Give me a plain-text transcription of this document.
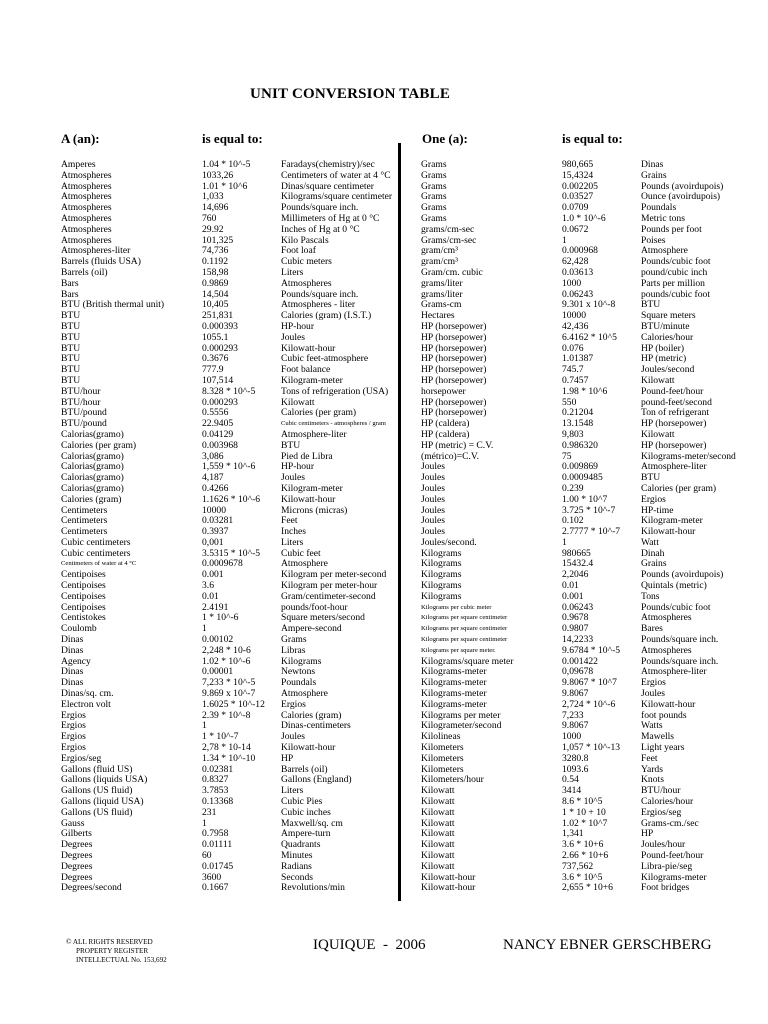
UNIT CONVERSION TABLE
A (an):	is equal to:	One (a):	is equal to:
Amperes	1.04 * 10^-5	Faradays(chemistry)/sec
Atmospheres	1033,26	Centimeters of water at 4 °C
Atmospheres	1.01 * 10^6	Dinas/square centimeter
Atmospheres	1,033	Kilograms/square centimeter
Atmospheres	14,696	Pounds/square inch.
Atmospheres	760	Millimeters of Hg at 0 °C
Atmospheres	29.92	Inches of Hg at 0 °C
Atmospheres	101,325	Kilo Pascals
Atmospheres-liter	74,736	Foot loaf
Barrels (fluids USA)	0.1192	Cubic meters
Barrels (oil)	158,98	Liters
Bars	0.9869	Atmospheres
Bars	14,504	Pounds/square inch.
BTU (British thermal unit)	10,405	Atmospheres - liter
BTU	251,831	Calories (gram) (I.S.T.)
BTU	0.000393	HP-hour
BTU	1055.1	Joules
BTU	0.000293	Kilowatt-hour
BTU	0.3676	Cubic feet-atmosphere
BTU	777.9	Foot balance
BTU	107,514	Kilogram-meter
BTU/hour	8.328 * 10^-5	Tons of refrigeration (USA)
BTU/hour	0.000293	Kilowatt
BTU/pound	0.5556	Calories (per gram)
BTU/pound	22.9405	Cubic centimeters - atmospheres / gram
Calorias(gramo)	0.04129	Atmosphere-liter
Calories (per gram)	0.003968	BTU
Calorias(gramo)	3,086	Pied de Libra
Calorias(gramo)	1,559 * 10^-6	HP-hour
Calorias(gramo)	4,187	Joules
Calorias(gramo)	0.4266	Kilogram-meter
Calories (gram)	1.1626 * 10^-6 Kilowatt-hour
Centimeters	10000	Microns (micras)
Centimeters	0.03281	Feet
Centimeters	0.3937	Inches
Cubic centimeters	0,001	Liters
Cubic centimeters	3.5315 * 10^-5 Cubic feet
Centimeters of water at 4 °C	0.0009678	Atmosphere
Centipoises	0.001	Kilogram per meter-second
Centipoises	3.6	Kilogram per meter-hour
Centipoises	0.01	Gram/centimeter-second
Centipoises	2.4191	pounds/foot-hour
Centistokes	1 * 10^-6	Square meters/second
Coulomb	1	Ampere-second
Dinas	0.00102	Grams
Dinas	2,248 * 10-6	Libras
Agency	1.02 * 10^-6	Kilograms
Dinas	0.00001	Newtons
Dinas	7,233 * 10^-5	Poundals
Dinas/sq. cm.	9.869 x 10^-7	Atmosphere
Electron volt	1.6025 * 10^-12 Ergios
Ergios	2.39 * 10^-8	Calories (gram)
Ergios	1	Dinas-centimeters
Ergios	1 * 10^-7	Joules
Ergios	2,78 * 10-14	Kilowatt-hour
Ergios/seg	1.34 * 10^-10	HP
Gallons (fluid US)	0.02381	Barrels (oil)
Gallons (liquids USA)	0.8327	Gallons (England)
Gallons (US fluid)	3.7853	Liters
Gallons (liquid USA)	0.13368	Cubic Pies
Gallons (US fluid)	231	Cubic inches
Gauss	1	Maxwell/sq. cm
Gilberts	0.7958	Ampere-turn
Degrees	0.01111	Quadrants
Degrees	60	Minutes
Degrees	0.01745	Radians
Degrees	3600	Seconds
Degrees/second	0.1667	Revolutions/min
Grams	980,665	Dinas
Grams	15,4324	Grains
Grams	0.002205	Pounds (avoirdupois)
Grams	0.03527	Ounce (avoirdupois)
Grams	0.0709	Poundals
Grams	1.0 * 10^-6	Metric tons
grams/cm-sec	0.0672	Pounds per foot
Grams/cm-sec	1	Poises
gram/cm³	0.000968	Atmosphere
gram/cm³	62,428	Pounds/cubic foot
Gram/cm. cubic	0.03613	pound/cubic inch
grams/liter	1000	Parts per million
grams/liter	0.06243	pounds/cubic foot
Grams-cm	9.301 x 10^-8	BTU
Hectares	10000	Square meters
HP (horsepower)	42,436	BTU/minute
HP (horsepower)	6.4162 * 10^5	Calories/hour
HP (horsepower)	0.076	HP (boiler)
HP (horsepower)	1.01387	HP (metric)
HP (horsepower)	745.7	Joules/second
HP (horsepower)	0.7457	Kilowatt
horsepower	1.98 * 10^6	Pound-feet/hour
HP (horsepower)	550	pound-feet/second
HP (horsepower)	0.21204	Ton of refrigerant
HP (caldera)	13.1548	HP (horsepower)
HP (caldera)	9,803	Kilowatt
HP (metric) = C.V.	0.986320	HP (horsepower)
(métrico)=C.V.	75	Kilograms-meter/second
Joules	0.009869	Atmosphere-liter
Joules	0.0009485	BTU
Joules	0.239	Calories (per gram)
Joules	1.00 * 10^7	Ergios
Joules	3.725 * 10^-7	HP-time
Joules	0.102	Kilogram-meter
Joules	2.7777 * 10^-7 Kilowatt-hour
Joules/second.	1	Watt
Kilograms	980665	Dinah
Kilograms	15432.4	Grains
Kilograms	2,2046	Pounds (avoirdupois)
Kilograms	0.01	Quintals (metric)
Kilograms	0.001	Tons
Kilograms per cubic meter	0.06243	Pounds/cubic foot
Kilograms per square centimeter	0.9678	Atmospheres
Kilograms per square centimeter	0.9807	Bares
Kilograms per square centimeter	14,2233	Pounds/square inch.
Kilograms per square meter.	9.6784 * 10^-5 Atmospheres
Kilograms/square meter	0.001422	Pounds/square inch.
Kilograms-meter	0,09678	Atmosphere-liter
Kilograms-meter	9.8067 * 10^7	Ergios
Kilograms-meter	9.8067	Joules
Kilograms-meter	2,724 * 10^-6	Kilowatt-hour
Kilograms per meter	7,233	foot pounds
Kilogrameter/second	9.8067	Watts
Kilolineas	1000	Mawells
Kilometers	1,057 * 10^-13 Light years
Kilometers	3280.8	Feet
Kilometers	1093.6	Yards
Kilometers/hour	0.54	Knots
Kilowatt	3414	BTU/hour
Kilowatt	8.6 * 10^5	Calories/hour
Kilowatt	1 * 10 + 10	Ergios/seg
Kilowatt	1.02 * 10^7	Grams-cm./sec
Kilowatt	1,341	HP
Kilowatt	3.6 * 10+6	Joules/hour
Kilowatt	2.66 * 10+6	Pound-feet/hour
Kilowatt	737,562	Libra-pie/seg
Kilowatt-hour	3.6 * 10^5	Kilograms-meter
Kilowatt-hour	2,655 * 10+6	Foot bridges
© ALL RIGHTS RESERVED
PROPERTY REGISTER
INTELLECTUAL No. 153,692
IQUIQUE  -  2006	NANCY EBNER GERSCHBERG
